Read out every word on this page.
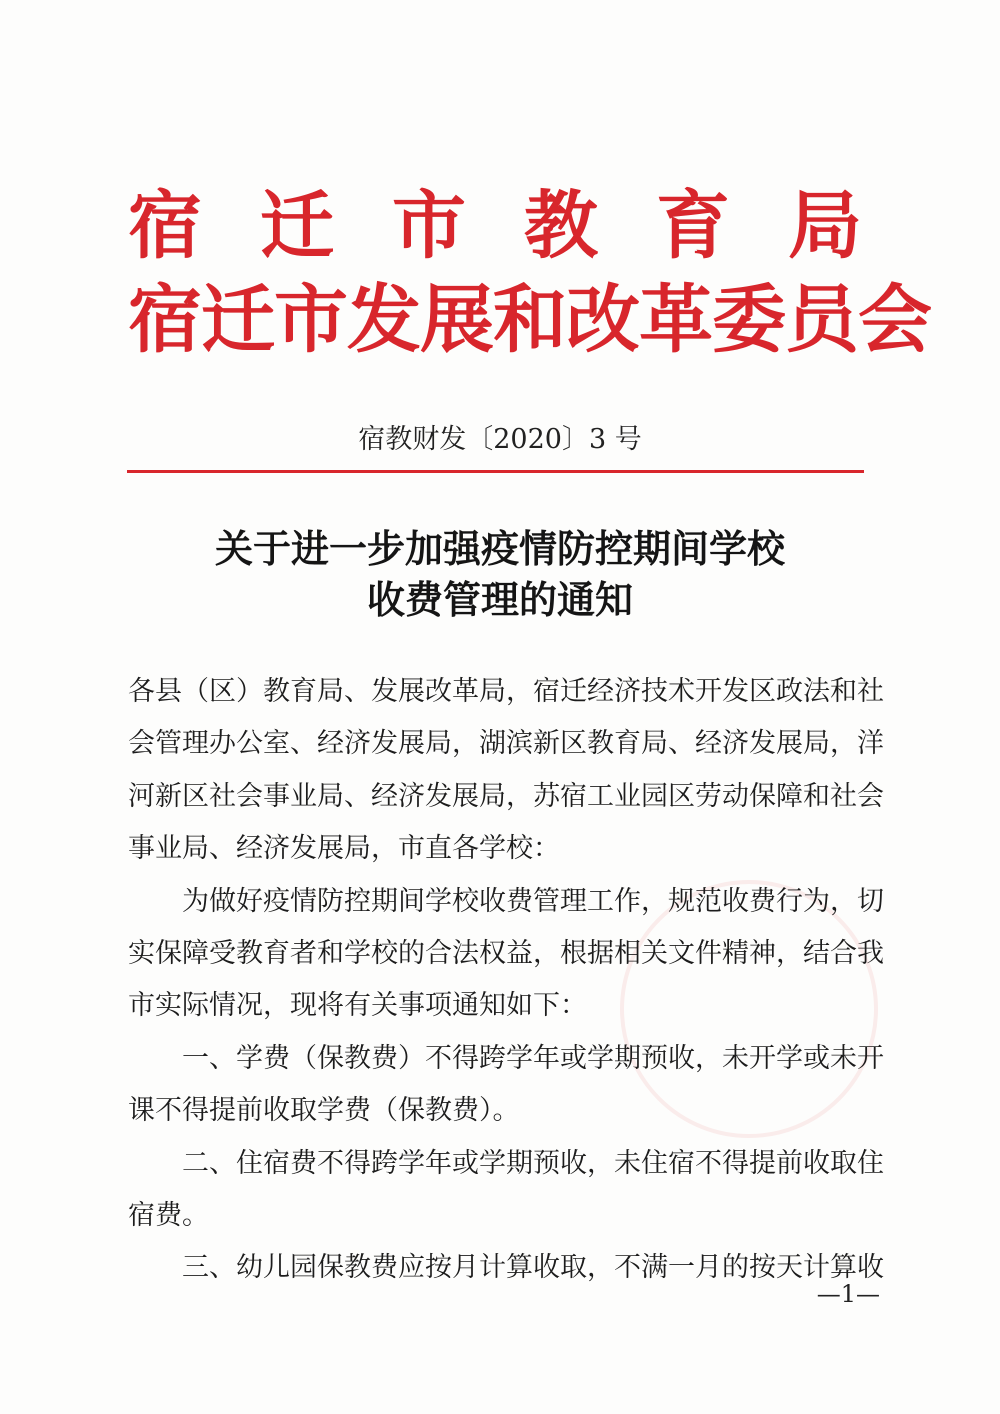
宿 迁 市 教 育 局
宿迁市发展和改革委员会
宿教财发〔2020〕3 号
关于进一步加强疫情防控期间学校
收费管理的通知
各县（区）教育局、发展改革局，宿迁经济技术开发区政法和社
会管理办公室、经济发展局，湖滨新区教育局、经济发展局，洋
河新区社会事业局、经济发展局，苏宿工业园区劳动保障和社会
事业局、经济发展局，市直各学校：
为做好疫情防控期间学校收费管理工作，规范收费行为，切
实保障受教育者和学校的合法权益，根据相关文件精神，结合我
市实际情况，现将有关事项通知如下：
一、学费（保教费）不得跨学年或学期预收，未开学或未开
课不得提前收取学费（保教费）。
二、住宿费不得跨学年或学期预收，未住宿不得提前收取住
宿费。
三、幼儿园保教费应按月计算收取，不满一月的按天计算收
—1—
